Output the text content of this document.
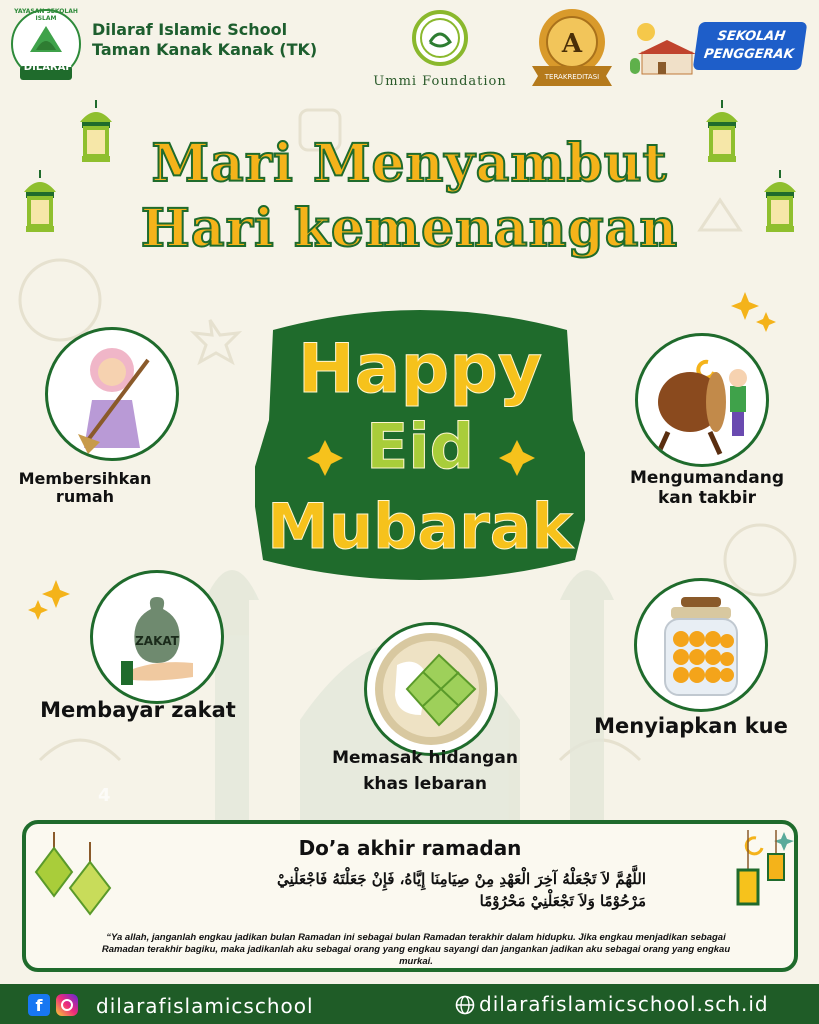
DILARAF
YAYASAN SEKOLAH ISLAM
Dilaraf Islamic School
Taman Kanak Kanak (TK)
Ummi Foundation
A
TERAKREDITASI
SEKOLAH
PENGGERAK
Mari Menyambut
Hari kemenangan
Happy
Eid
Mubarak
Membersihkan rumah
Mengumandang
kan takbir
ZAKAT
Membayar zakat
Memasak hidangan
khas lebaran
Menyiapkan kue
4
Do’a akhir ramadan
اللَّهُمَّ لاَ تَجْعَلْهُ آخِرَ الْعَهْدِ مِنْ صِيَامِنَا إِيَّاهُ، فَإِنْ جَعَلْتَهُ فَاجْعَلْنِيْ
مَرْحُوْمًا وَلاَ تَجْعَلْنِيْ مَحْرُوْمًا
“Ya allah, janganlah engkau jadikan bulan Ramadan ini sebagai bulan Ramadan terakhir dalam hidupku. Jika engkau menjadikan sebagai Ramadan terakhir bagiku, maka jadikanlah aku sebagai orang yang engkau sayangi dan jangankan jadikan aku sebagai orang yang engkau murkai.
f	dilarafislamicschool	dilarafislamicschool.sch.id
